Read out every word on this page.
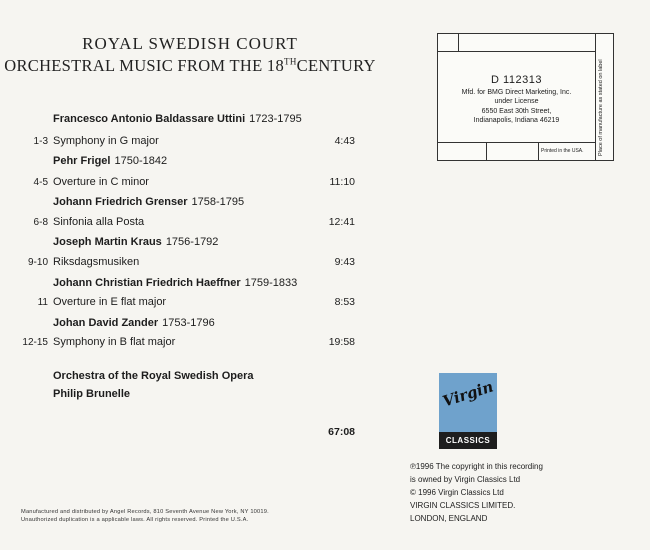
ROYAL SWEDISH COURT
ORCHESTRAL MUSIC FROM THE 18THCENTURY
Francesco Antonio Baldassare Uttini 1723-1795
1-3 Symphony in G major	4:43
Pehr Frigel 1750-1842
4-5 Overture in C minor	11:10
Johann Friedrich Grenser 1758-1795
6-8 Sinfonia alla Posta	12:41
Joseph Martin Kraus 1756-1792
9-10 Riksdagsmusiken	9:43
Johann Christian Friedrich Haeffner 1759-1833
11 Overture in E flat major	8:53
Johan David Zander 1753-1796
12-15 Symphony in B flat major	19:58
Orchestra of the Royal Swedish Opera
Philip Brunelle
67:08
D 112313
Mfd. for BMG Direct Marketing, Inc.
under License
6550 East 30th Street,
Indianapolis, Indiana 46219
Printed in the USA.	Place of manufacture as stated on label
Virgin
CLASSICS
℗1996 The copyright in this recording
is owned by Virgin Classics Ltd
© 1996 Virgin Classics Ltd
VIRGIN CLASSICS LIMITED.
LONDON, ENGLAND
Manufactured and distributed by Angel Records, 810 Seventh Avenue New York, NY 10019.
Unauthorized duplication is a applicable laws. All rights reserved. Printed the U.S.A.
